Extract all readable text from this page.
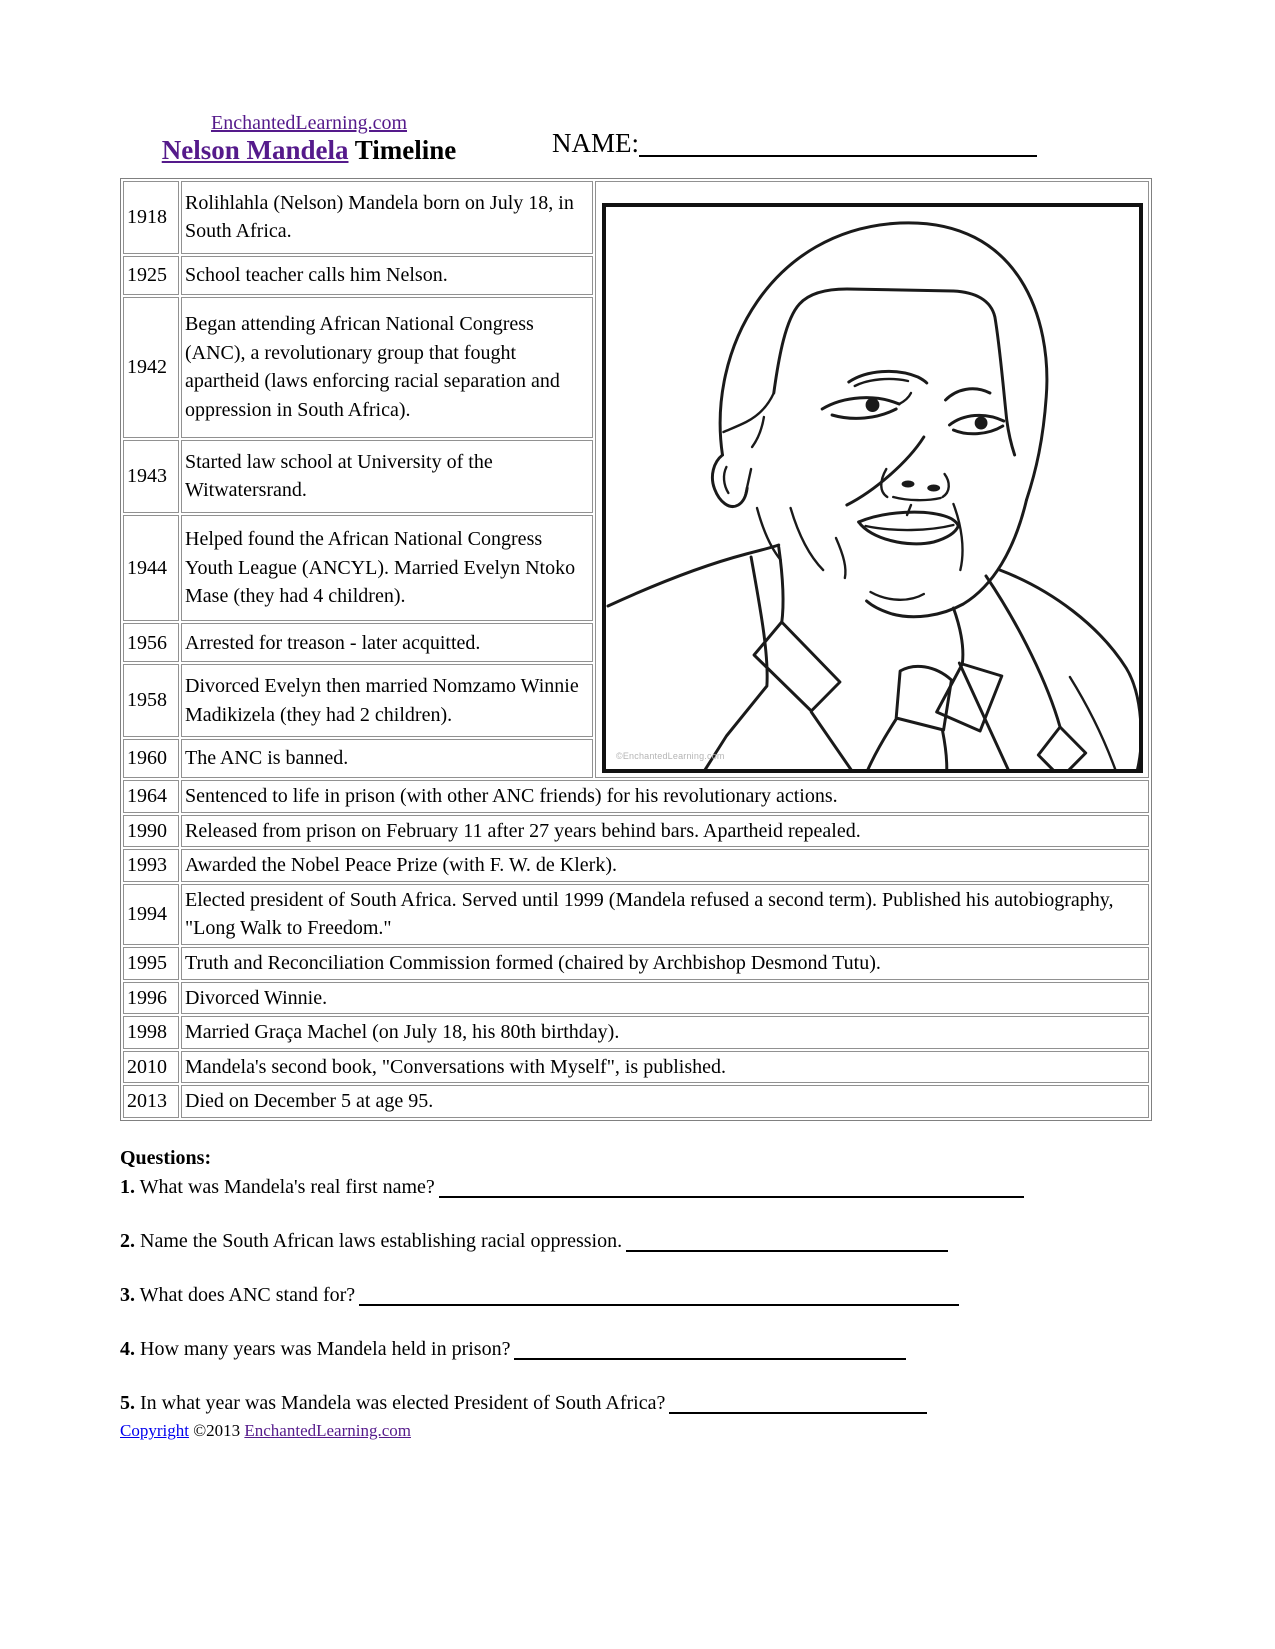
EnchantedLearning.com
Nelson Mandela Timeline	NAME:
1918	Rolihlahla (Nelson) Mandela born on July 18, in South Africa.	©EnchantedLearning.com

1925	School teacher calls him Nelson.	
1942	Began attending African National Congress (ANC), a revolutionary group that fought apartheid (laws enforcing racial separation and oppression in South Africa).	
1943	Started law school at University of the Witwatersrand.	
1944	Helped found the African National Congress Youth League (ANCYL). Married Evelyn Ntoko Mase (they had 4 children).	
1956	Arrested for treason - later acquitted.	
1958	Divorced Evelyn then married Nomzamo Winnie Madikizela (they had 2 children).	
1960	The ANC is banned.	
1964	Sentenced to life in prison (with other ANC friends) for his revolutionary actions.	
1990	Released from prison on February 11 after 27 years behind bars. Apartheid repealed.	
1993	Awarded the Nobel Peace Prize (with F. W. de Klerk).	
1994	Elected president of South Africa. Served until 1999 (Mandela refused a second term). Published his autobiography, "Long Walk to Freedom."	
1995	Truth and Reconciliation Commission formed (chaired by Archbishop Desmond Tutu).	
1996	Divorced Winnie.	
1998	Married Graça Machel (on July 18, his 80th birthday).	
2010	Mandela's second book, "Conversations with Myself", is published.	
2013	Died on December 5 at age 95.	
Questions:
1. What was Mandela's real first name?
2. Name the South African laws establishing racial oppression.
3. What does ANC stand for?
4. How many years was Mandela held in prison?
5. In what year was Mandela was elected President of South Africa?
Copyright ©2013 EnchantedLearning.com
